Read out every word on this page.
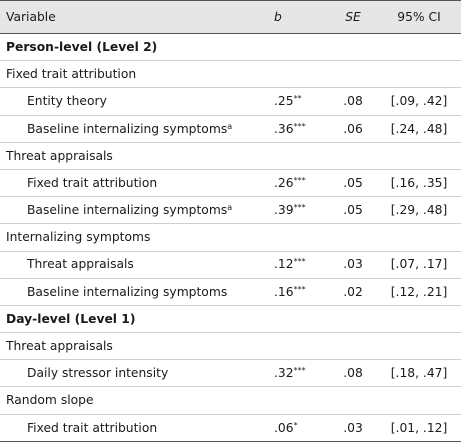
Variable	b	SE	95% CI
Person-level (Level 2)			
Fixed trait attribution			
Entity theory	.25**	.08	[.09, .42]
Baseline internalizing symptoms$^a$	.36***	.06	[.24, .48]
Threat appraisals			
Fixed trait attribution	.26***	.05	[.16, .35]
Baseline internalizing symptoms$^a$	.39***	.05	[.29, .48]
Internalizing symptoms			
Threat appraisals	.12***	.03	[.07, .17]
Baseline internalizing symptoms	.16***	.02	[.12, .21]
Day-level (Level 1)			
Threat appraisals			
Daily stressor intensity	.32***	.08	[.18, .47]
Random slope			
Fixed trait attribution	.06*	.03	[.01, .12]
